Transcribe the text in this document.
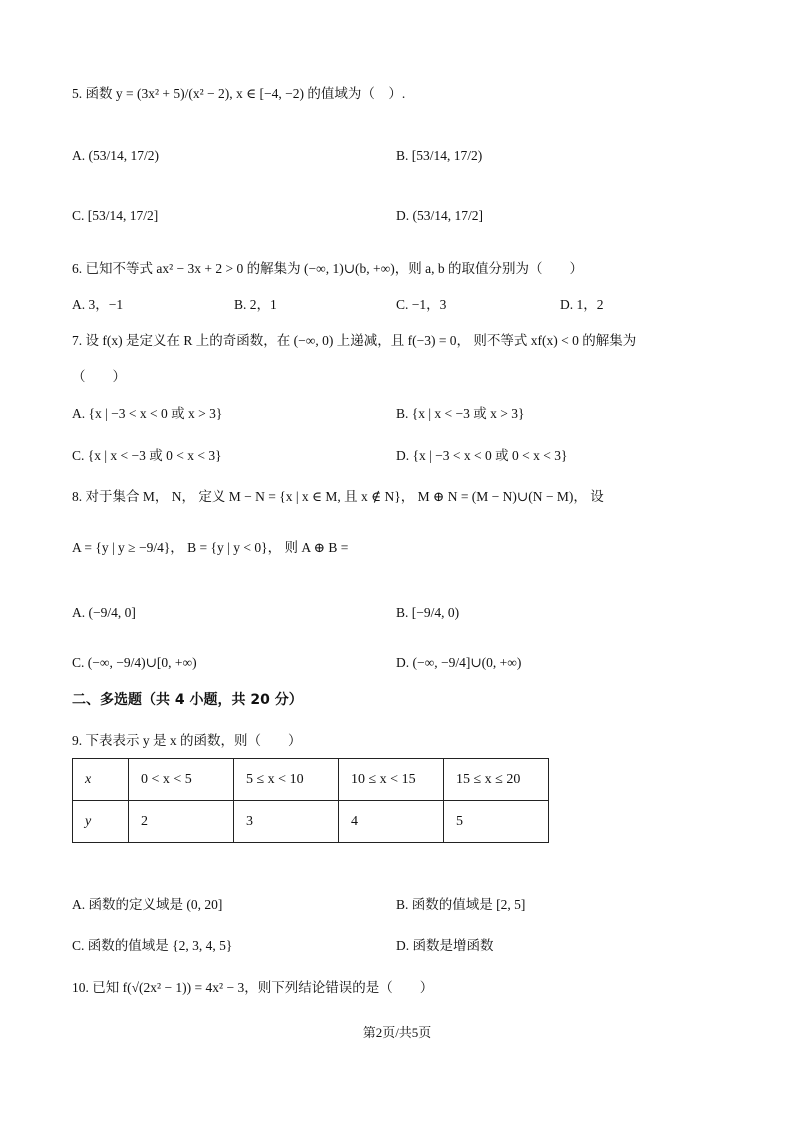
5. 函数 y = (3x² + 5)/(x² − 2), x ∈ [−4, −2) 的值域为（　）.
A. (53/14, 17/2)	B. [53/14, 17/2)
C. [53/14, 17/2]	D. (53/14, 17/2]
6. 已知不等式 ax² − 3x + 2 > 0 的解集为 (−∞, 1)∪(b, +∞)，则 a, b 的取值分别为（　　）
A. 3，−1	B. 2，1	C. −1，3	D. 1，2
7. 设 f(x) 是定义在 R 上的奇函数，在 (−∞, 0) 上递减，且 f(−3) = 0， 则不等式 xf(x) < 0 的解集为
（　　）
A. {x | −3 < x < 0 或 x > 3}	B. {x | x < −3 或 x > 3}
C. {x | x < −3 或 0 < x < 3}	D. {x | −3 < x < 0 或 0 < x < 3}
8. 对于集合 M， N， 定义 M − N = {x | x ∈ M, 且 x ∉ N}， M ⊕ N = (M − N)∪(N − M)， 设
A = {y | y ≥ −9/4}， B = {y | y < 0}， 则 A ⊕ B =
A. (−9/4, 0]	B. [−9/4, 0)
C. (−∞, −9/4)∪[0, +∞)	D. (−∞, −9/4]∪(0, +∞)
二、多选题（共 4 小题，共 20 分）
9. 下表表示 y 是 x 的函数，则（　　）
x	0 < x < 5	5 ≤ x < 10	10 ≤ x < 15	15 ≤ x ≤ 20
y	2	3	4	5
A. 函数的定义域是 (0, 20]	B. 函数的值域是 [2, 5]
C. 函数的值域是 {2, 3, 4, 5}	D. 函数是增函数
10. 已知 f(√(2x² − 1)) = 4x² − 3，则下列结论错误的是（　　）
第2页/共5页
